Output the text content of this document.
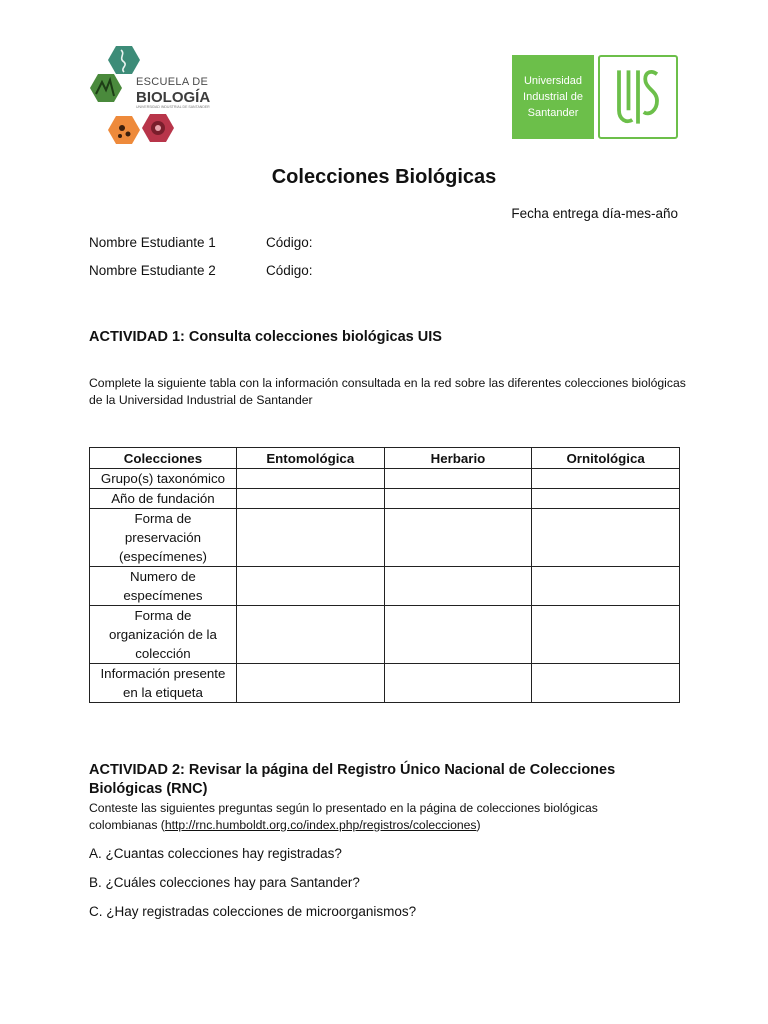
ESCUELA DE
BIOLOGÍA
UNIVERSIDAD INDUSTRIAL DE SANTANDER
Universidad
Industrial de
Santander
Colecciones Biológicas
Fecha entrega día-mes-año
Nombre Estudiante 1	Código:
Nombre Estudiante 2	Código:
ACTIVIDAD 1: Consulta colecciones biológicas UIS
Complete la siguiente tabla con la información consultada en la red sobre las diferentes colecciones biológicas de la Universidad Industrial de Santander
Colecciones	Entomológica	Herbario	Ornitológica
Grupo(s) taxonómico			
Año de fundación			
Forma de preservación (especímenes)			
Numero de especímenes			
Forma de organización de la colección			
Información presente en la etiqueta			
ACTIVIDAD 2: Revisar la página del Registro Único Nacional de Colecciones
Biológicas (RNC)
Conteste las siguientes preguntas según lo presentado en la página de colecciones biológicas
colombianas (http://rnc.humboldt.org.co/index.php/registros/colecciones)
A. ¿Cuantas colecciones hay registradas?
B. ¿Cuáles colecciones hay para Santander?
C. ¿Hay registradas colecciones de microorganismos?
